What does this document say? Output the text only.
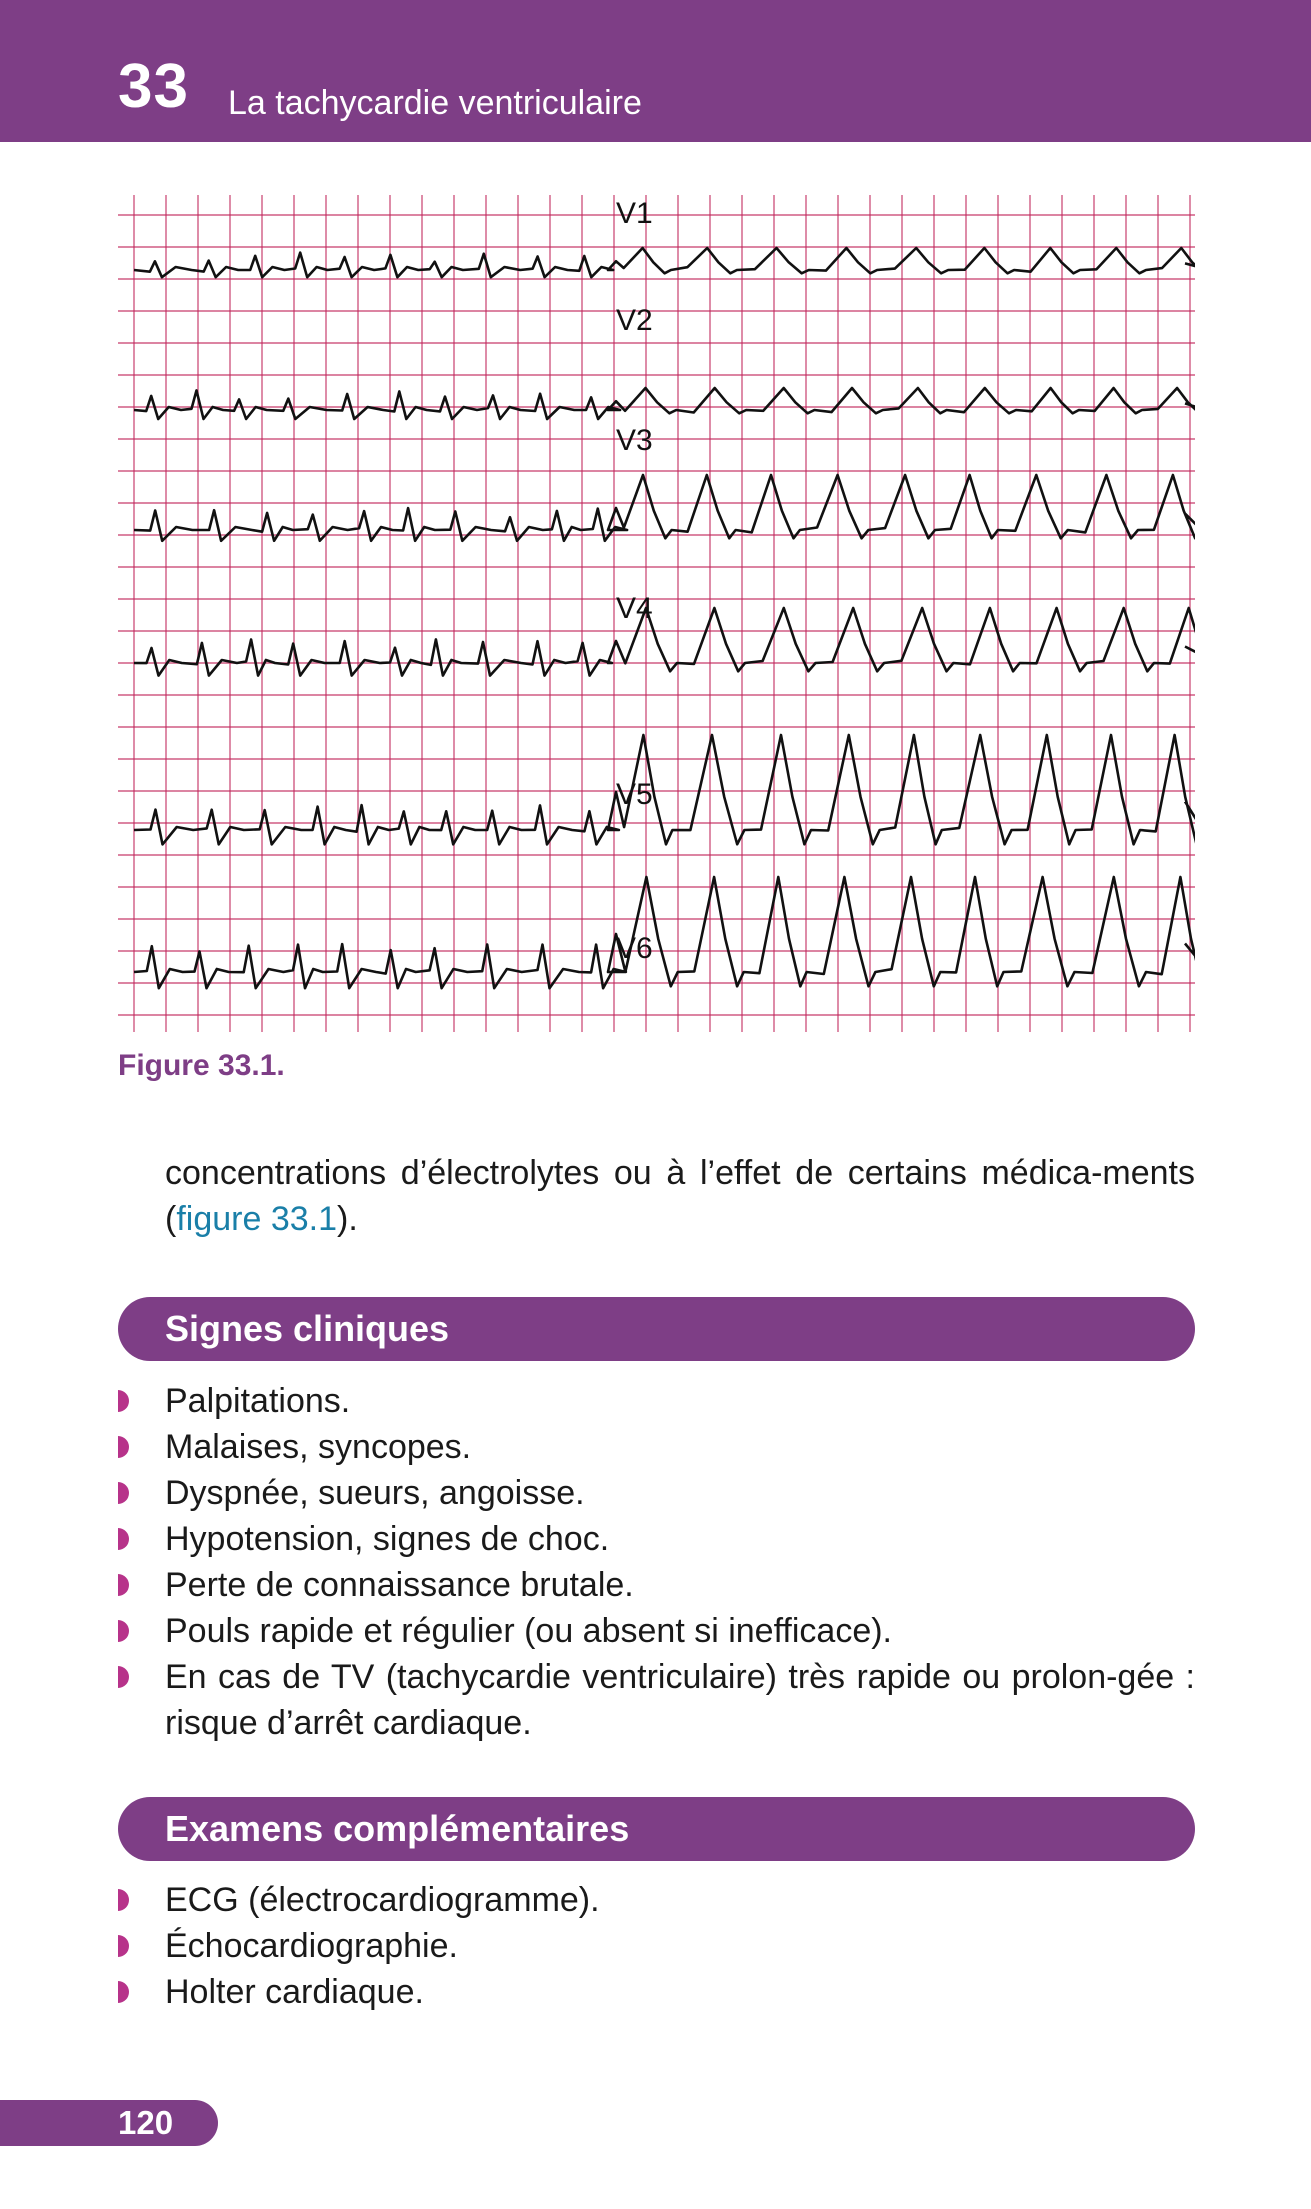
33 La tachycardie ventriculaire
V1
V2
V3
V4
V5
V6
Figure 33.1.
concentrations d’électrolytes ou à l’effet de certains médica-ments (figure 33.1).
Signes cliniques
Palpitations.
Malaises, syncopes.
Dyspnée, sueurs, angoisse.
Hypotension, signes de choc.
Perte de connaissance brutale.
Pouls rapide et régulier (ou absent si inefficace).
En cas de TV (tachycardie ventriculaire) très rapide ou prolon-gée : risque d’arrêt cardiaque.
Examens complémentaires
ECG (électrocardiogramme).
Échocardiographie.
Holter cardiaque.
120
